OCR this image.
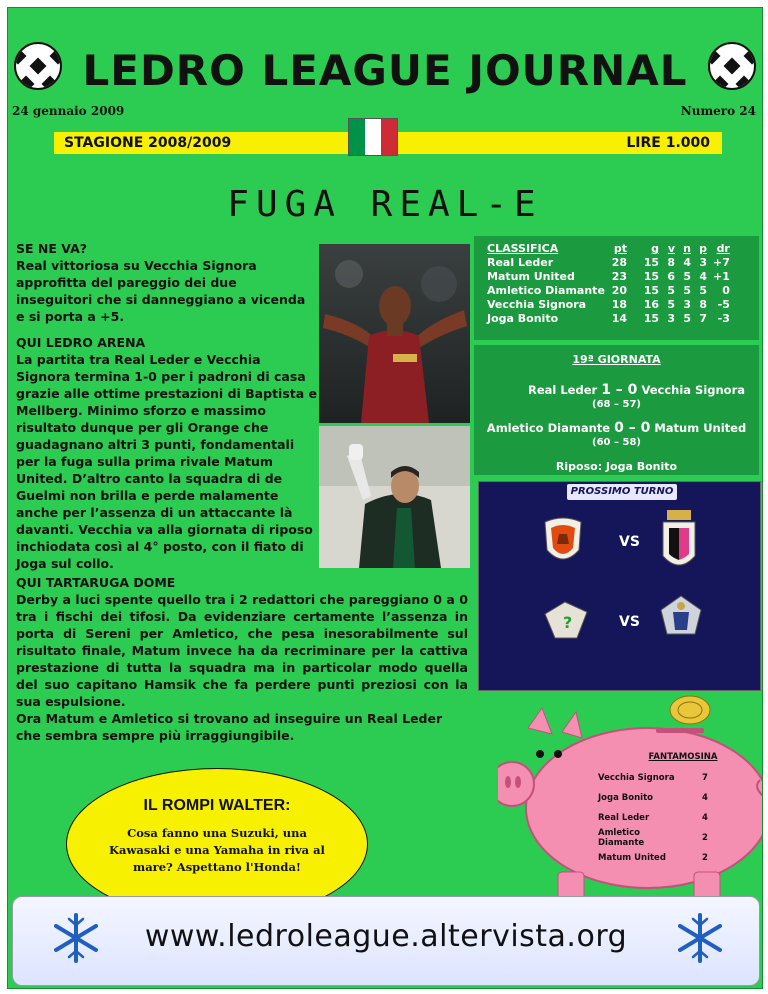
LEDRO LEAGUE JOURNAL
24 gennaio 2009	Numero 24
STAGIONE 2008/2009	LIRE 1.000
FUGA REAL-E

SE NE VA?

Real vittoriosa su Vecchia Signora approfitta del pareggio dei due inseguitori che si danneggiano a vicenda e si porta a +5.

QUI LEDRO ARENA

La partita tra Real Leder e Vecchia Signora termina 1-0 per i padroni di casa grazie alle ottime prestazioni di Baptista e Mellberg. Minimo sforzo e massimo risultato dunque per gli Orange che guadagnano altri 3 punti, fondamentali per la fuga sulla prima rivale Matum United. D’altro canto la squadra di de Guelmi non brilla e perde malamente anche per l’assenza di un attaccante là davanti. Vecchia va alla giornata di riposo inchiodata così al 4° posto, con il fiato di Joga sul collo.

CLASSIFICA	pt	g	v	n	p	dr
Real Leder	28	15	8	4	3	+7
Matum United	23	15	6	5	4	+1
Amletico Diamante	20	15	5	5	5	0
Vecchia Signora	18	16	5	3	8	-5
Joga Bonito	14	15	3	5	7	-3
19ª GIORNATA
Real Leder 1 – 0 Vecchia Signora
(68 – 57)
Amletico Diamante 0 – 0 Matum United
(60 – 58)
Riposo: Joga Bonito
PROSSIMO TURNO
VS
?	VS

QUI TARTARUGA DOME

Derby a luci spente quello tra i 2 redattori che pareggiano 0 a 0 tra i fischi dei tifosi. Da evidenziare certamente l’assenza in porta di Sereni per Amletico, che pesa inesorabilmente sul risultato finale, Matum invece ha da recriminare per la cattiva prestazione di tutta la squadra ma in particolar modo quella del suo capitano Hamsik che fa perdere punti preziosi con la sua espulsione.

Ora Matum e Amletico si trovano ad inseguire un Real Leder che sembra sempre più irraggiungibile.

FANTAMOSINA
Vecchia Signora	7
Joga Bonito	4
Real Leder	4
Amletico Diamante	2
Matum United	2
IL ROMPI WALTER:
Cosa fanno una Suzuki, una Kawasaki e una Yamaha in riva al mare? Aspettano l'Honda!
www.ledroleague.altervista.org
